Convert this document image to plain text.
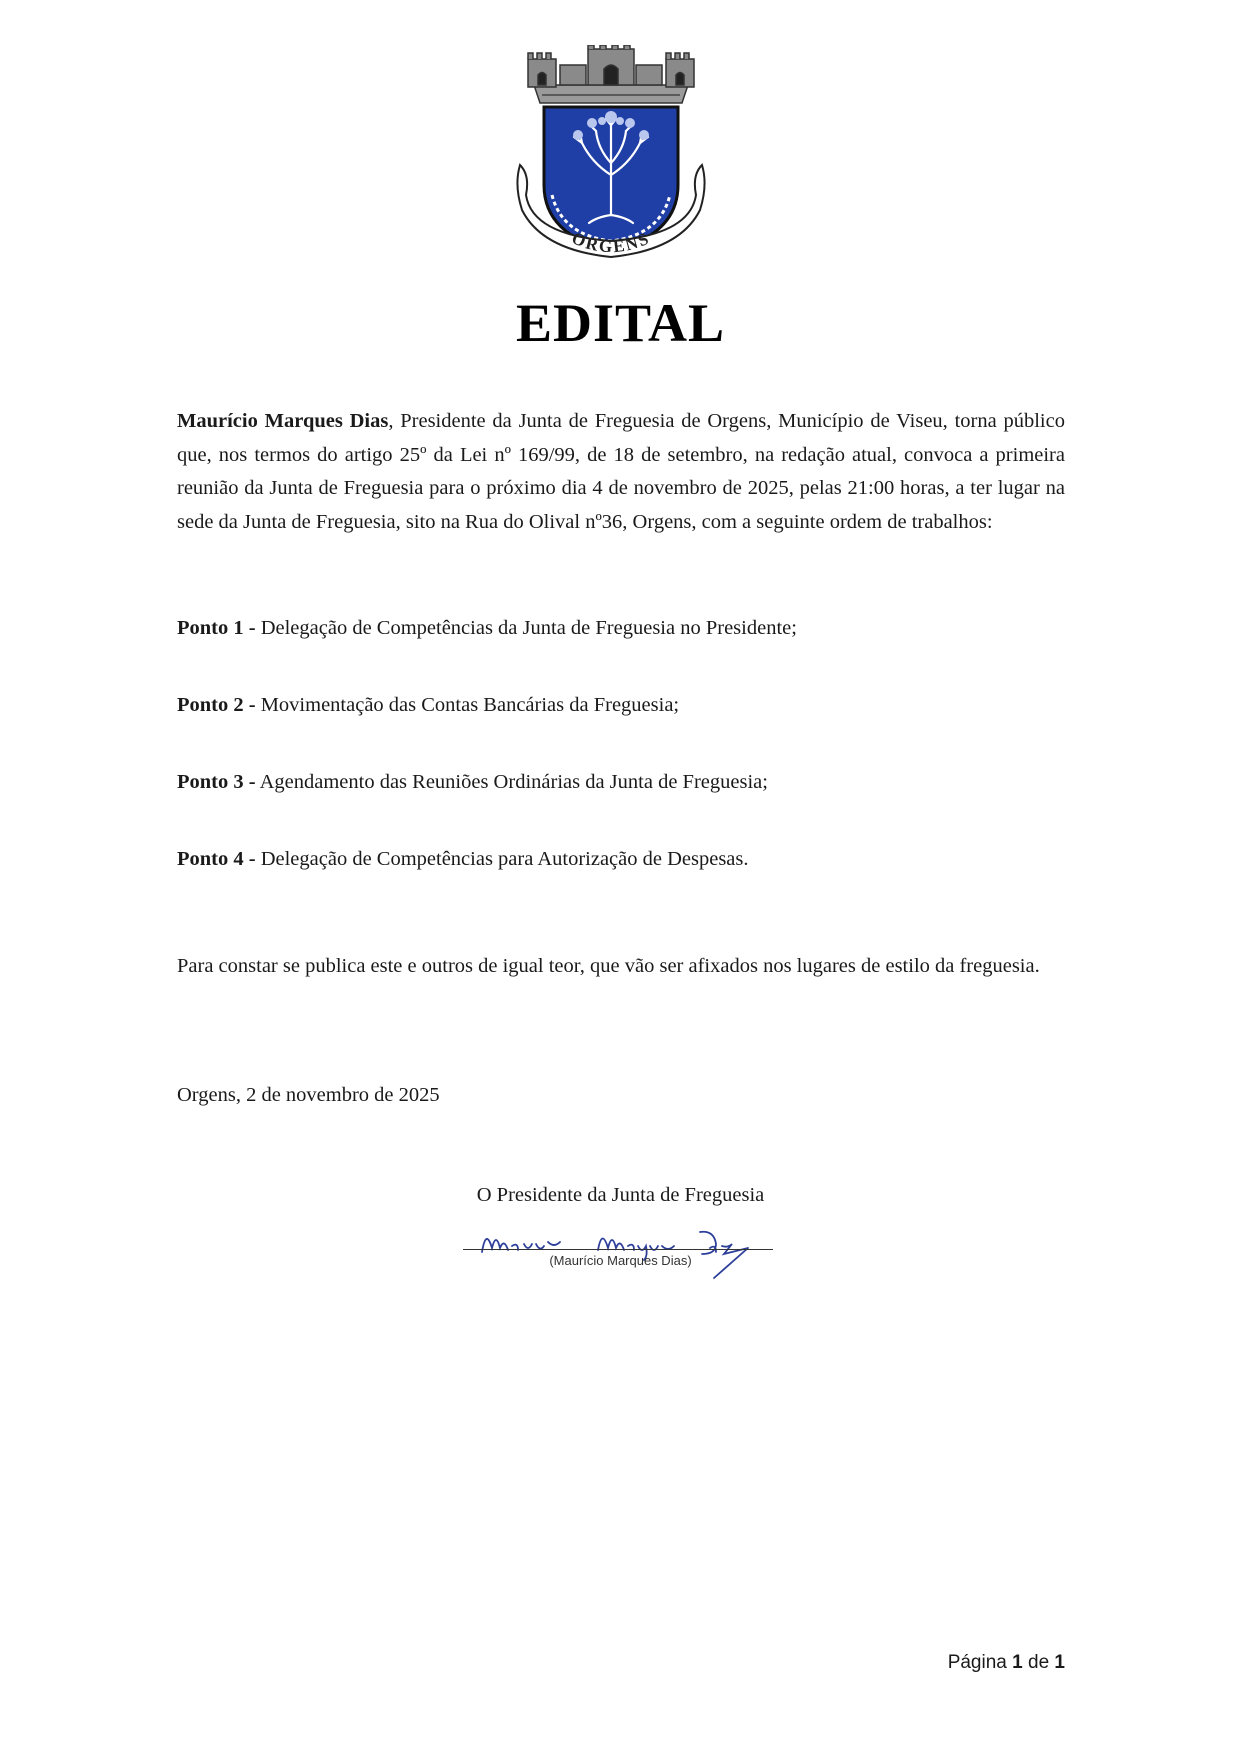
ORGENS
EDITAL

Maurício Marques Dias, Presidente da Junta de Freguesia de Orgens, Município de Viseu, torna público que, nos termos do artigo 25º da Lei nº 169/99, de 18 de setembro, na redação atual, convoca a primeira reunião da Junta de Freguesia para o próximo dia 4 de novembro de 2025, pelas 21:00 horas, a ter lugar na sede da Junta de Freguesia, sito na Rua do Olival nº36, Orgens, com a seguinte ordem de trabalhos:

Ponto 1 - Delegação de Competências da Junta de Freguesia no Presidente;

Ponto 2 - Movimentação das Contas Bancárias da Freguesia;

Ponto 3 - Agendamento das Reuniões Ordinárias da Junta de Freguesia;

Ponto 4 - Delegação de Competências para Autorização de Despesas.

Para constar se publica este e outros de igual teor, que vão ser afixados nos lugares de estilo da freguesia.

Orgens, 2 de novembro de 2025

O Presidente da Junta de Freguesia

(Maurício Marques Dias)

Página 1 de 1
